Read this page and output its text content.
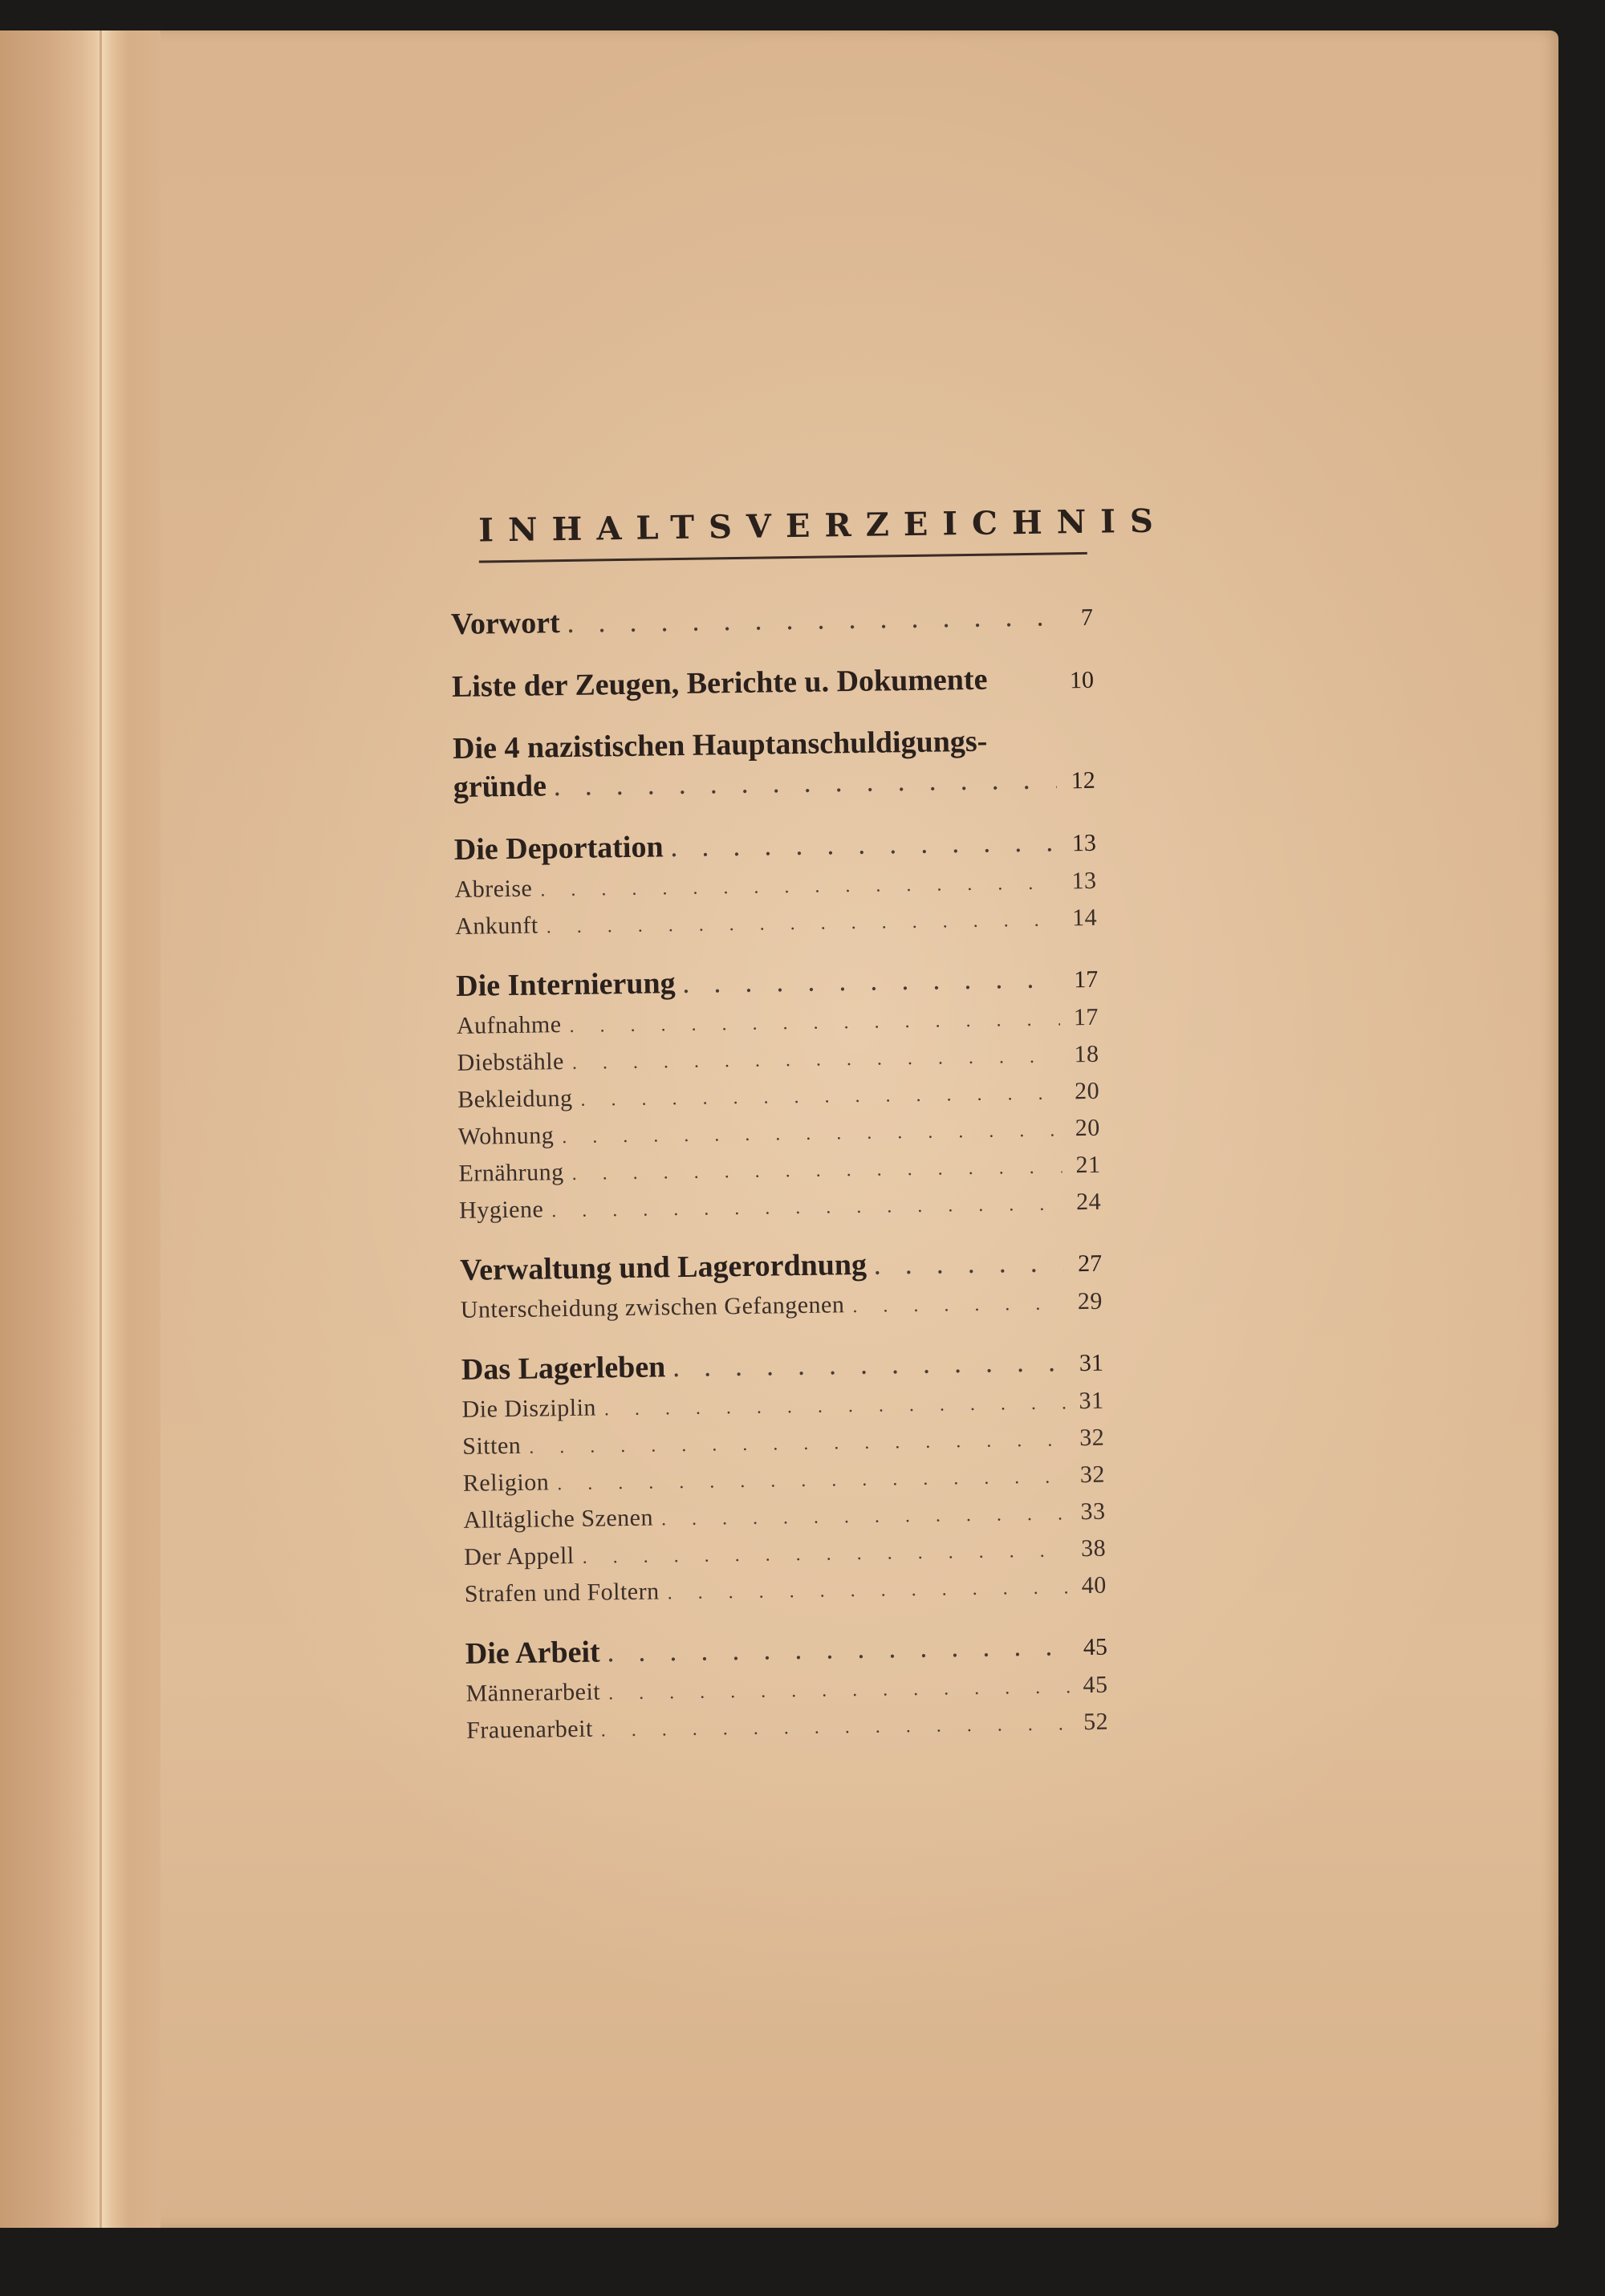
INHALTSVERZEICHNIS
Vorwort . . .	7
Liste der Zeugen, Berichte u. Dokumente	10
Die 4 nazistischen Hauptanschuldigungs-
gründe . . .	12
Die Deportation . . .	13
Abreise . . .	13
Ankunft . . .	14
Die Internierung . . .	17
Aufnahme . . .	17
Diebstähle . . .	18
Bekleidung . . .	20
Wohnung . . .	20
Ernährung . . .	21
Hygiene . . .	24
Verwaltung und Lagerordnung . . .	27
Unterscheidung zwischen Gefangenen . . .	29
Das Lagerleben . . .	31
Die Disziplin . . .	31
Sitten . . .	32
Religion . . .	32
Alltägliche Szenen . . .	33
Der Appell . . .	38
Strafen und Foltern . . .	40
Die Arbeit . . .	45
Männerarbeit . . .	45
Frauenarbeit . . .	52
